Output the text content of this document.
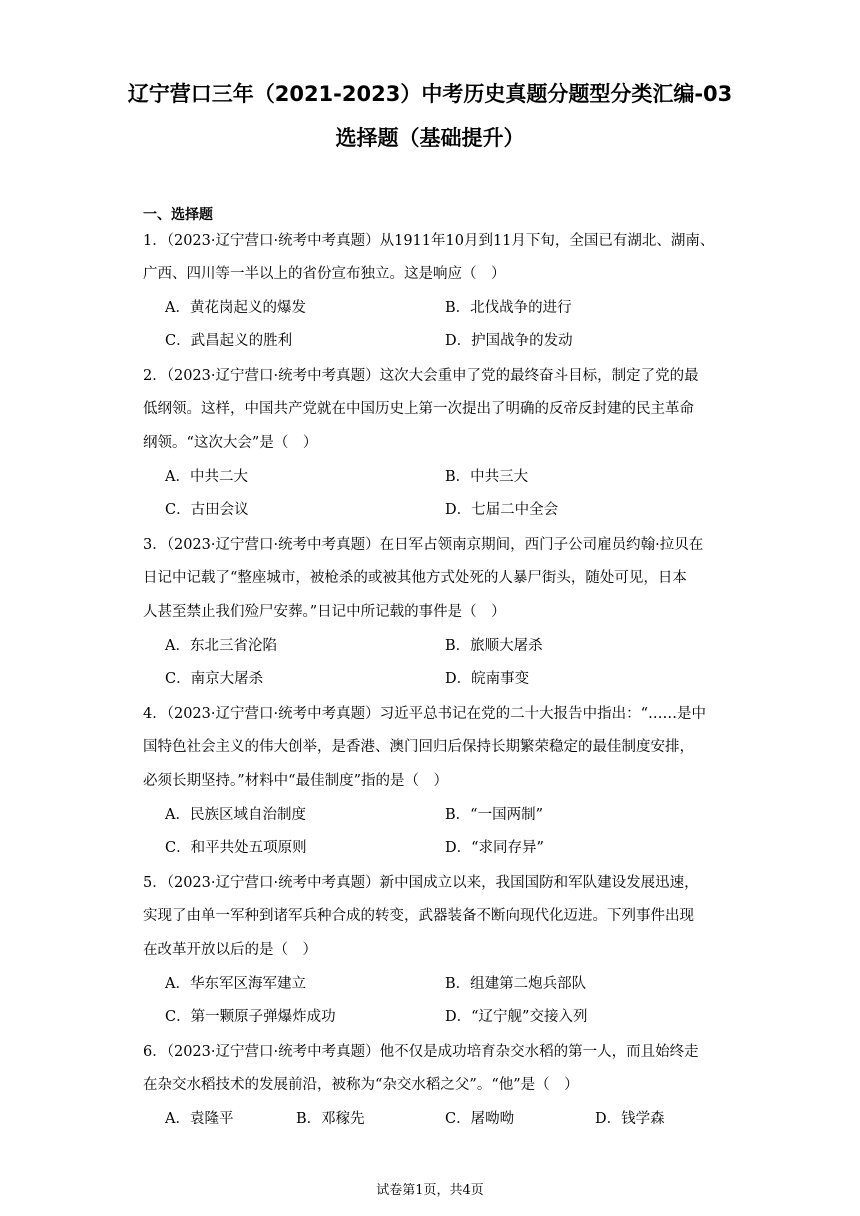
辽宁营口三年（2021-2023）中考历史真题分题型分类汇编-03
选择题（基础提升）
一、选择题
1．（2023·辽宁营口·统考中考真题）从1911年10月到11月下旬，全国已有湖北、湖南、
广西、四川等一半以上的省份宣布独立。这是响应（　）
A．黄花岗起义的爆发	B．北伐战争的进行
C．武昌起义的胜利	D．护国战争的发动
2．（2023·辽宁营口·统考中考真题）这次大会重申了党的最终奋斗目标，制定了党的最
低纲领。这样，中国共产党就在中国历史上第一次提出了明确的反帝反封建的民主革命
纲领。“这次大会”是（　）
A．中共二大	B．中共三大
C．古田会议	D．七届二中全会
3．（2023·辽宁营口·统考中考真题）在日军占领南京期间，西门子公司雇员约翰·拉贝在
日记中记载了“整座城市，被枪杀的或被其他方式处死的人暴尸街头，随处可见，日本
人甚至禁止我们殓尸安葬。”日记中所记载的事件是（　）
A．东北三省沦陷	B．旅顺大屠杀
C．南京大屠杀	D．皖南事变
4．（2023·辽宁营口·统考中考真题）习近平总书记在党的二十大报告中指出：“……是中
国特色社会主义的伟大创举，是香港、澳门回归后保持长期繁荣稳定的最佳制度安排，
必须长期坚持。”材料中“最佳制度”指的是（　）
A．民族区域自治制度	B．“一国两制”
C．和平共处五项原则	D．“求同存异”
5．（2023·辽宁营口·统考中考真题）新中国成立以来，我国国防和军队建设发展迅速，
实现了由单一军种到诸军兵种合成的转变，武器装备不断向现代化迈进。下列事件出现
在改革开放以后的是（　）
A．华东军区海军建立	B．组建第二炮兵部队
C．第一颗原子弹爆炸成功	D．“辽宁舰”交接入列
6．（2023·辽宁营口·统考中考真题）他不仅是成功培育杂交水稻的第一人，而且始终走
在杂交水稻技术的发展前沿，被称为“杂交水稻之父”。“他”是（　）
A．袁隆平	B．邓稼先	C．屠呦呦	D．钱学森
试卷第1页，共4页
